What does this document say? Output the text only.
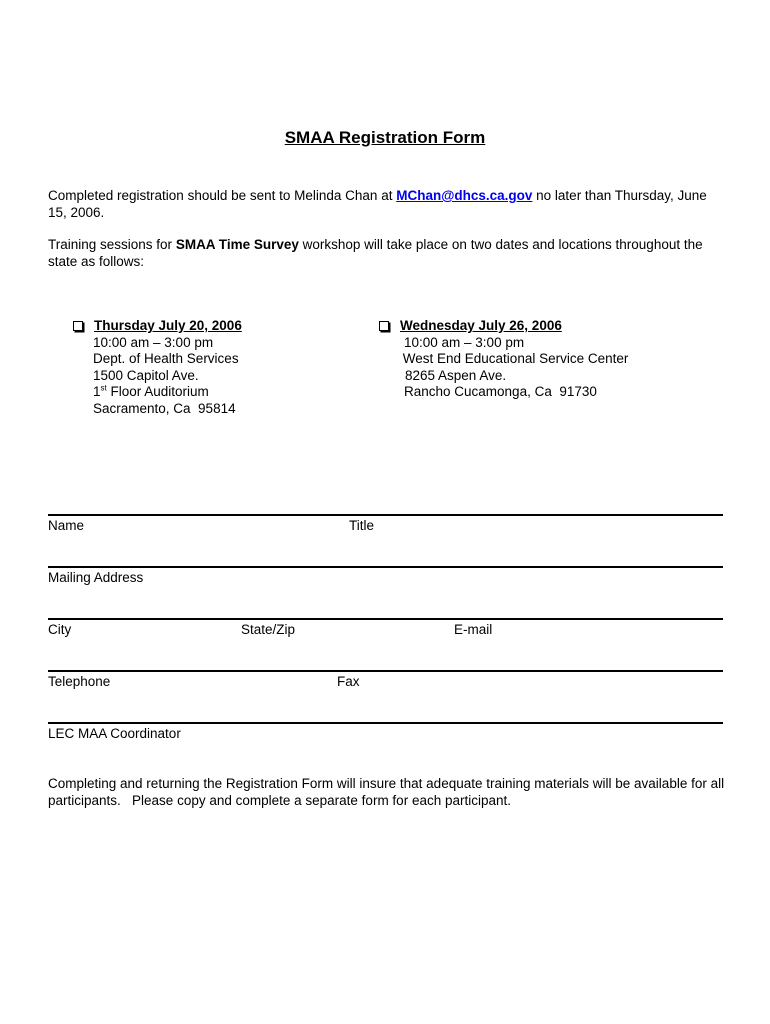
SMAA Registration Form
Completed registration should be sent to Melinda Chan at MChan@dhcs.ca.gov no later than Thursday, June 15, 2006.
Training sessions for SMAA Time Survey workshop will take place on two dates and locations throughout the state as follows:
Thursday July 20, 2006
10:00 am – 3:00 pm
Dept. of Health Services
1500 Capitol Ave.
1st Floor Auditorium
Sacramento, Ca  95814
Wednesday July 26, 2006
10:00 am – 3:00 pm
West End Educational Service Center
8265 Aspen Ave.
Rancho Cucamonga, Ca  91730
Name	Title
Mailing Address
City	State/Zip	E-mail
Telephone	Fax
LEC MAA Coordinator
Completing and returning the Registration Form will insure that adequate training materials will be available for all participants.   Please copy and complete a separate form for each participant.
